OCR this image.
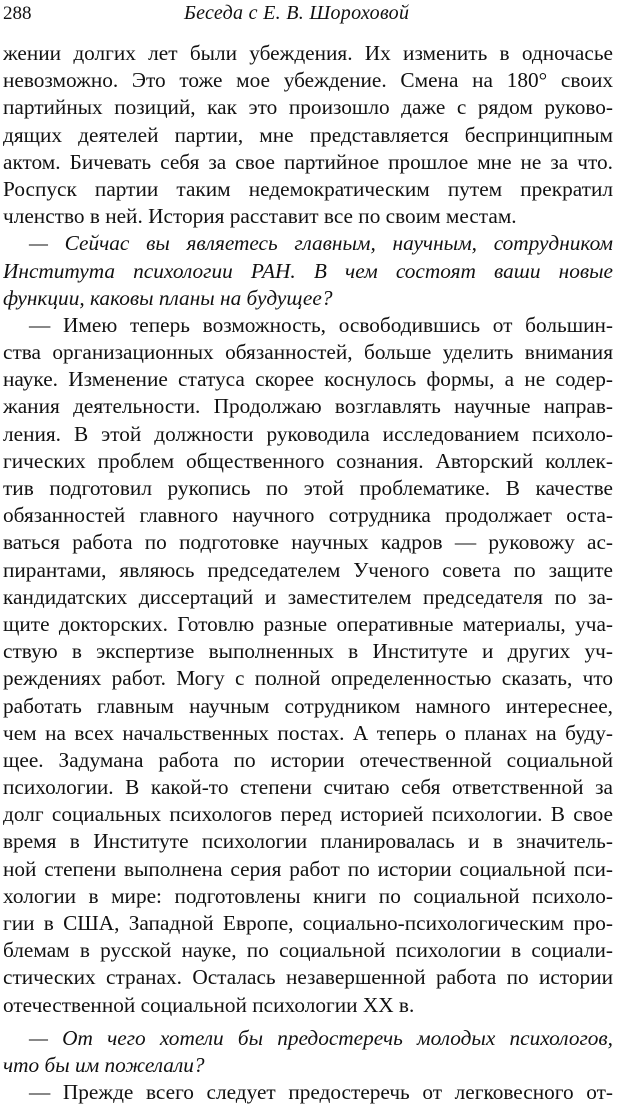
288	Беседа с Е. В. Шороховой
жении долгих лет были убеждения. Их изменить в одночасье
невозможно. Это тоже мое убеждение. Смена на 180° своих
партийных позиций, как это произошло даже с рядом руково-
дящих деятелей партии, мне представляется беспринципным
актом. Бичевать себя за свое партийное прошлое мне не за что.
Роспуск партии таким недемократическим путем прекратил
членство в ней. История расставит все по своим местам.
— Сейчас вы являетесь главным, научным, сотрудником
Института психологии РАН. В чем состоят ваши новые
функции, каковы планы на будущее?
— Имею теперь возможность, освободившись от большин-
ства организационных обязанностей, больше уделить внимания
науке. Изменение статуса скорее коснулось формы, а не содер-
жания деятельности. Продолжаю возглавлять научные направ-
ления. В этой должности руководила исследованием психоло-
гических проблем общественного сознания. Авторский коллек-
тив подготовил рукопись по этой проблематике. В качестве
обязанностей главного научного сотрудника продолжает оста-
ваться работа по подготовке научных кадров — руковожу ас-
пирантами, являюсь председателем Ученого совета по защите
кандидатских диссертаций и заместителем председателя по за-
щите докторских. Готовлю разные оперативные материалы, уча-
ствую в экспертизе выполненных в Институте и других уч-
реждениях работ. Могу с полной определенностью сказать, что
работать главным научным сотрудником намного интереснее,
чем на всех начальственных постах. А теперь о планах на буду-
щее. Задумана работа по истории отечественной социальной
психологии. В какой-то степени считаю себя ответственной за
долг социальных психологов перед историей психологии. В свое
время в Институте психологии планировалась и в значитель-
ной степени выполнена серия работ по истории социальной пси-
хологии в мире: подготовлены книги по социальной психоло-
гии в США, Западной Европе, социально-психологическим про-
блемам в русской науке, по социальной психологии в социали-
стических странах. Осталась незавершенной работа по истории
отечественной социальной психологии XX в.
— От чего хотели бы предостеречь молодых психологов,
что бы им пожелали?
— Прежде всего следует предостеречь от легковесного от-
